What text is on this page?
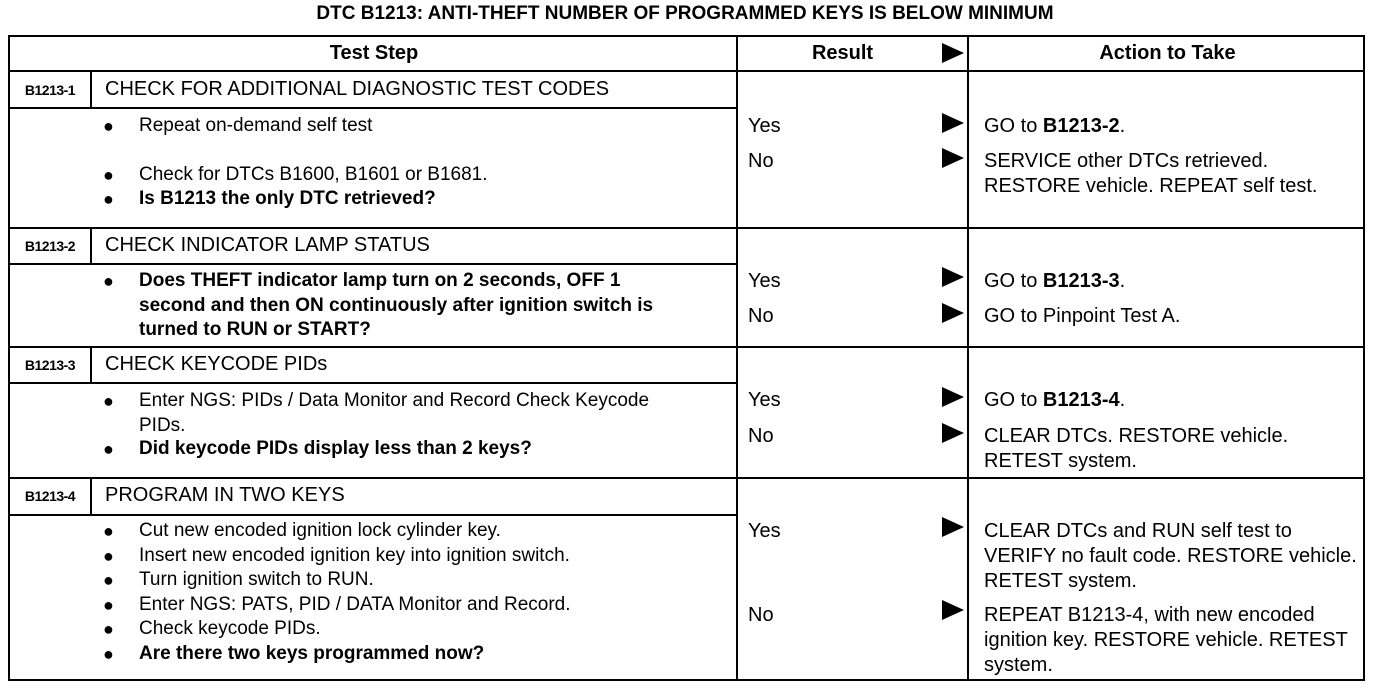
DTC B1213: ANTI-THEFT NUMBER OF PROGRAMMED KEYS IS BELOW MINIMUM
Test Step	Result	Action to Take
B1213-1	CHECK FOR ADDITIONAL DIAGNOSTIC TEST CODES
● Repeat on-demand self test
● Check for DTCs B1600, B1601 or B1681.
● Is B1213 the only DTC retrieved?
Yes	GO to B1213-2.
No	SERVICE other DTCs retrieved. RESTORE vehicle. REPEAT self test.
B1213-2	CHECK INDICATOR LAMP STATUS
● Does THEFT indicator lamp turn on 2 seconds, OFF 1 second and then ON continuously after ignition switch is turned to RUN or START?
Yes	GO to B1213-3.
No	GO to Pinpoint Test A.
B1213-3	CHECK KEYCODE PIDs
● Enter NGS: PIDs / Data Monitor and Record Check Keycode PIDs.
● Did keycode PIDs display less than 2 keys?
Yes	GO to B1213-4.
No	CLEAR DTCs. RESTORE vehicle. RETEST system.
B1213-4	PROGRAM IN TWO KEYS
● Cut new encoded ignition lock cylinder key.
● Insert new encoded ignition key into ignition switch.
● Turn ignition switch to RUN.
● Enter NGS: PATS, PID / DATA Monitor and Record.
● Check keycode PIDs.
● Are there two keys programmed now?
Yes	CLEAR DTCs and RUN self test to VERIFY no fault code. RESTORE vehicle. RETEST system.
No	REPEAT B1213-4, with new encoded ignition key. RESTORE vehicle. RETEST system.
